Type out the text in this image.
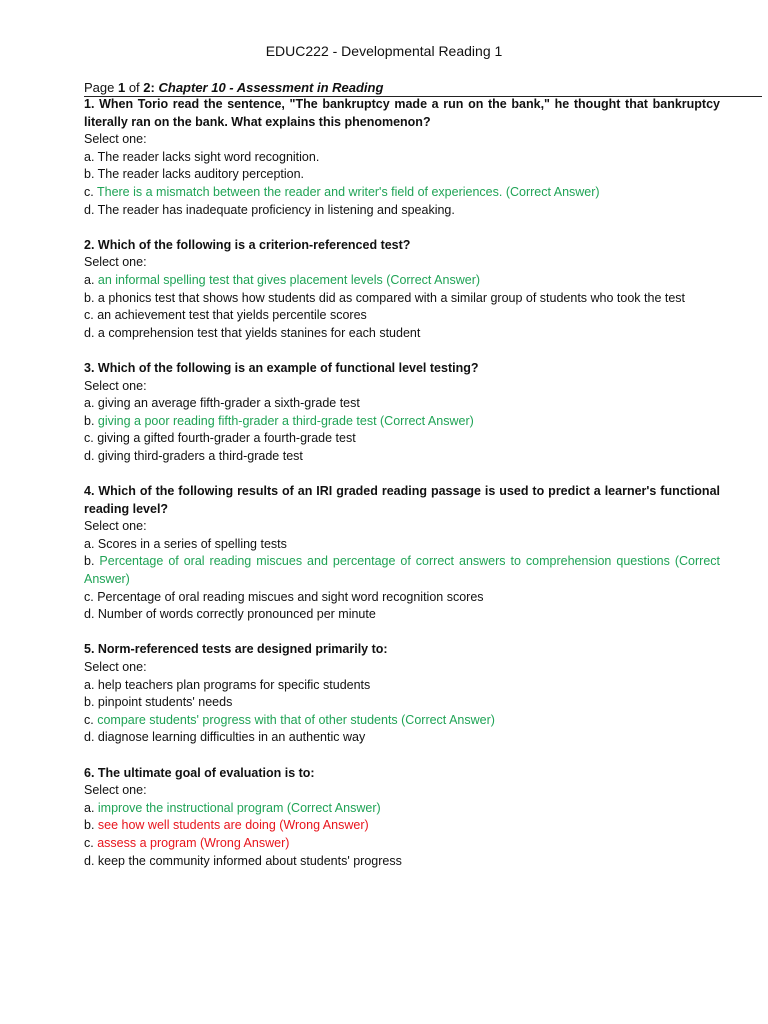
EDUC222 - Developmental Reading 1
Page 1 of 2: Chapter 10 - Assessment in Reading
1. When Torio read the sentence, "The bankruptcy made a run on the bank," he thought that bankruptcy literally ran on the bank. What explains this phenomenon?
Select one:
a. The reader lacks sight word recognition.
b. The reader lacks auditory perception.
c. There is a mismatch between the reader and writer's field of experiences. (Correct Answer)
d. The reader has inadequate proficiency in listening and speaking.
2. Which of the following is a criterion-referenced test?
Select one:
a. an informal spelling test that gives placement levels (Correct Answer)
b. a phonics test that shows how students did as compared with a similar group of students who took the test
c. an achievement test that yields percentile scores
d. a comprehension test that yields stanines for each student
3. Which of the following is an example of functional level testing?
Select one:
a. giving an average fifth-grader a sixth-grade test
b. giving a poor reading fifth-grader a third-grade test (Correct Answer)
c. giving a gifted fourth-grader a fourth-grade test
d. giving third-graders a third-grade test
4. Which of the following results of an IRI graded reading passage is used to predict a learner's functional reading level?
Select one:
a. Scores in a series of spelling tests
b. Percentage of oral reading miscues and percentage of correct answers to comprehension questions (Correct Answer)
c. Percentage of oral reading miscues and sight word recognition scores
d. Number of words correctly pronounced per minute
5. Norm-referenced tests are designed primarily to:
Select one:
a. help teachers plan programs for specific students
b. pinpoint students' needs
c. compare students' progress with that of other students (Correct Answer)
d. diagnose learning difficulties in an authentic way
6. The ultimate goal of evaluation is to:
Select one:
a. improve the instructional program (Correct Answer)
b. see how well students are doing (Wrong Answer)
c. assess a program (Wrong Answer)
d. keep the community informed about students' progress
